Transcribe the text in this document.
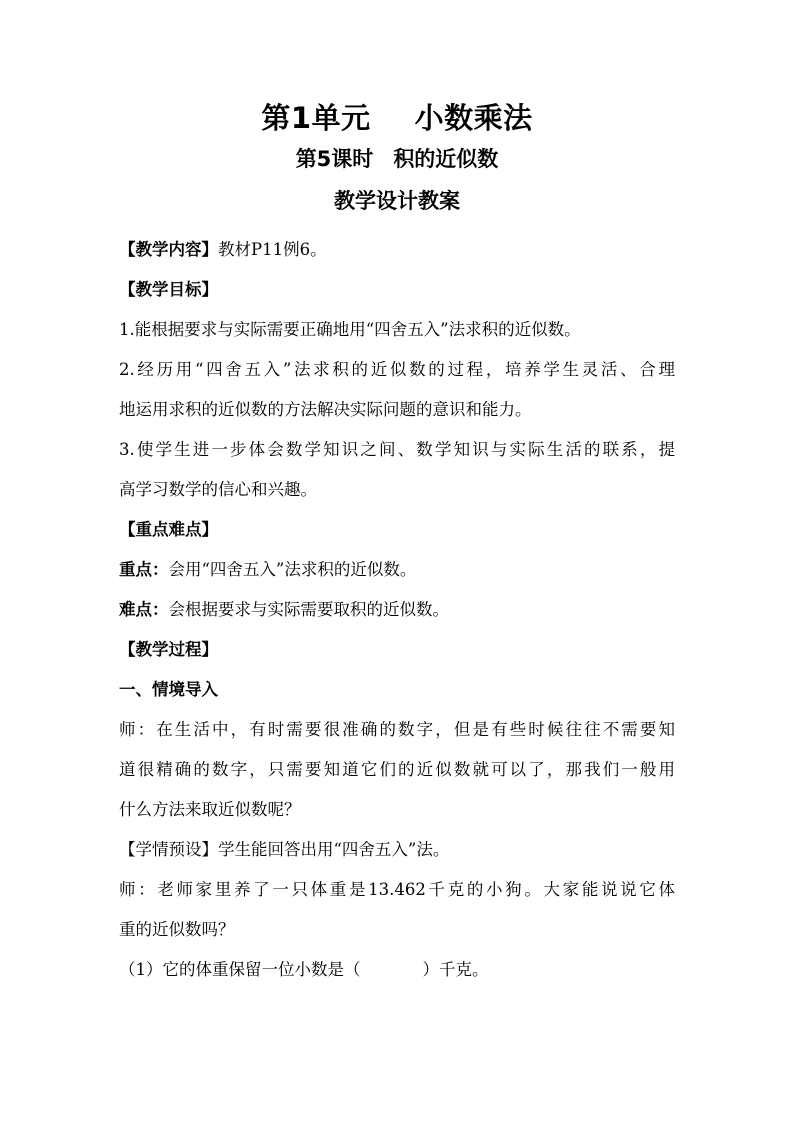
第1单元 小数乘法
第5课时 积的近似数
教学设计教案
【教学内容】教材P11例6。
【教学目标】
1.能根据要求与实际需要正确地用“四舍五入”法求积的近似数。
2.经历用“四舍五入”法求积的近似数的过程，培养学生灵活、合理
地运用求积的近似数的方法解决实际问题的意识和能力。
3.使学生进一步体会数学知识之间、数学知识与实际生活的联系，提
高学习数学的信心和兴趣。
【重点难点】
重点：会用“四舍五入”法求积的近似数。
难点：会根据要求与实际需要取积的近似数。
【教学过程】
一、情境导入
师：在生活中，有时需要很准确的数字，但是有些时候往往不需要知
道很精确的数字，只需要知道它们的近似数就可以了，那我们一般用
什么方法来取近似数呢？
【学情预设】学生能回答出用“四舍五入”法。
师：老师家里养了一只体重是13.462千克的小狗。大家能说说它体
重的近似数吗？
（1）它的体重保留一位小数是（	）千克。
